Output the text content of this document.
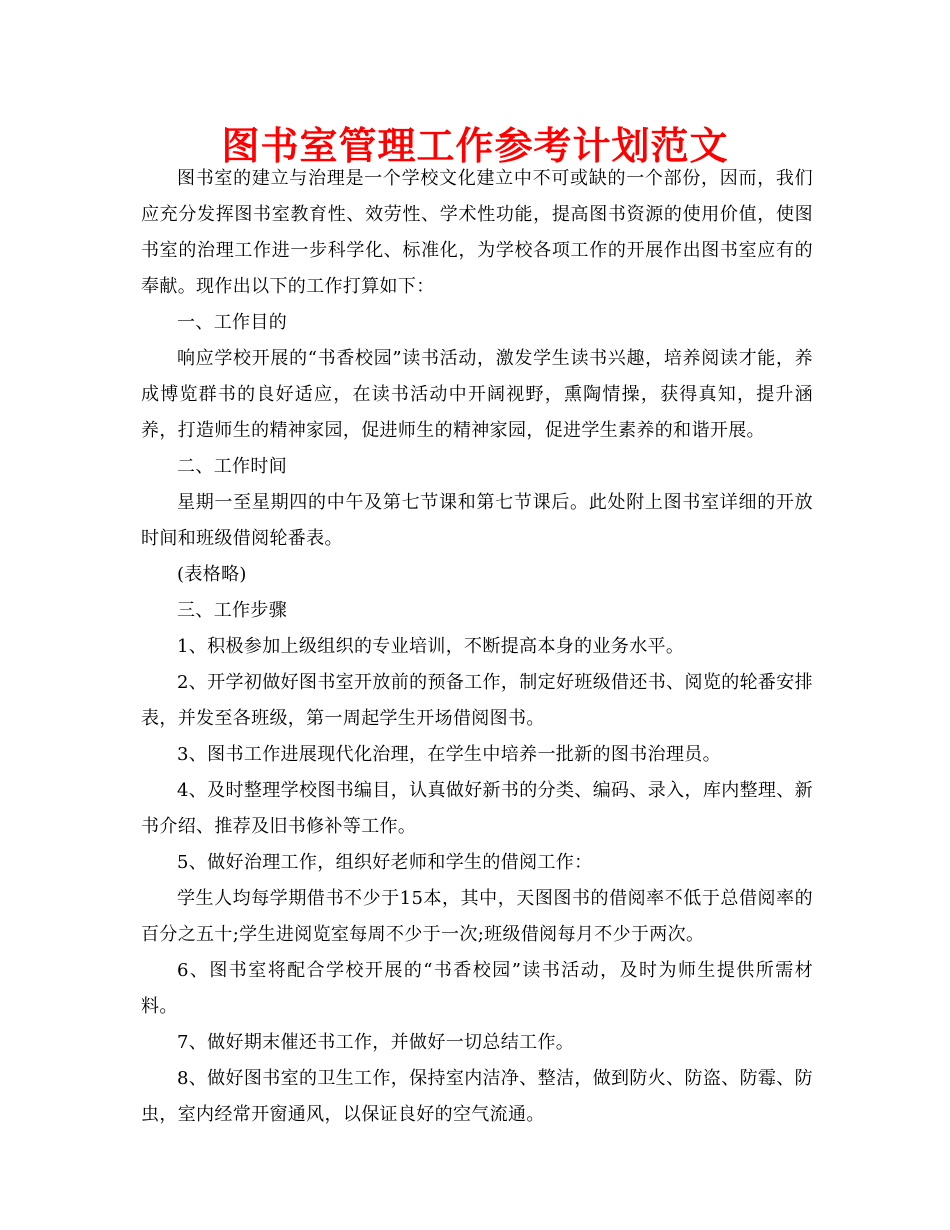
图书室管理工作参考计划范文

图书室的建立与治理是一个学校文化建立中不可或缺的一个部份，因而，我们应充分发挥图书室教育性、效劳性、学术性功能，提高图书资源的使用价值，使图书室的治理工作进一步科学化、标准化，为学校各项工作的开展作出图书室应有的奉献。现作出以下的工作打算如下：

一、工作目的

响应学校开展的“书香校园”读书活动，激发学生读书兴趣，培养阅读才能，养成博览群书的良好适应，在读书活动中开阔视野，熏陶情操，获得真知，提升涵养，打造师生的精神家园，促进师生的精神家园，促进学生素养的和谐开展。

二、工作时间

星期一至星期四的中午及第七节课和第七节课后。此处附上图书室详细的开放时间和班级借阅轮番表。

(表格略)

三、工作步骤

1、积极参加上级组织的专业培训，不断提高本身的业务水平。

2、开学初做好图书室开放前的预备工作，制定好班级借还书、阅览的轮番安排表，并发至各班级，第一周起学生开场借阅图书。

3、图书工作进展现代化治理，在学生中培养一批新的图书治理员。

4、及时整理学校图书编目，认真做好新书的分类、编码、录入，库内整理、新书介绍、推荐及旧书修补等工作。

5、做好治理工作，组织好老师和学生的借阅工作：

学生人均每学期借书不少于15本，其中，天图图书的借阅率不低于总借阅率的百分之五十;学生进阅览室每周不少于一次;班级借阅每月不少于两次。

6、图书室将配合学校开展的“书香校园”读书活动，及时为师生提供所需材料。

7、做好期末催还书工作，并做好一切总结工作。

8、做好图书室的卫生工作，保持室内洁净、整洁，做到防火、防盗、防霉、防虫，室内经常开窗通风，以保证良好的空气流通。
